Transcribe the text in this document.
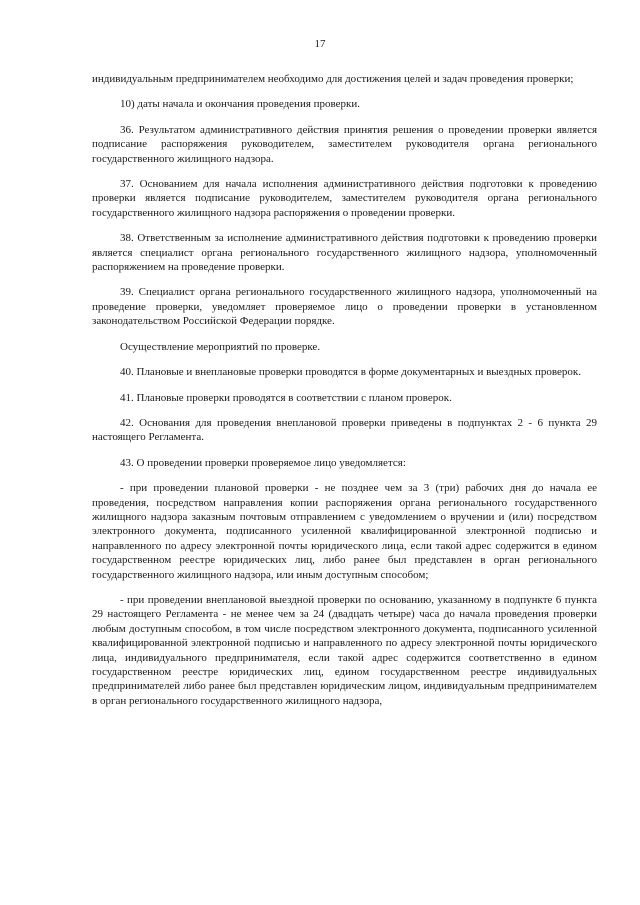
17

индивидуальным предпринимателем необходимо для достижения целей и задач проведения проверки;

10) даты начала и окончания проведения проверки.

36. Результатом административного действия принятия решения о проведении проверки является подписание распоряжения руководителем, заместителем руководителя органа регионального государственного жилищного надзора.

37. Основанием для начала исполнения административного действия подготовки к проведению проверки является подписание руководителем, заместителем руководителя органа регионального государственного жилищного надзора распоряжения о проведении проверки.

38. Ответственным за исполнение административного действия подготовки к проведению проверки является специалист органа регионального государственного жилищного надзора, уполномоченный распоряжением на проведение проверки.

39. Специалист органа регионального государственного жилищного надзора, уполномоченный на проведение проверки, уведомляет проверяемое лицо о проведении проверки в установленном законодательством Российской Федерации порядке.

Осуществление мероприятий по проверке.

40. Плановые и внеплановые проверки проводятся в форме документарных и выездных проверок.

41. Плановые проверки проводятся в соответствии с планом проверок.

42. Основания для проведения внеплановой проверки приведены в подпунктах 2 - 6 пункта 29 настоящего Регламента.

43. О проведении проверки проверяемое лицо уведомляется:

- при проведении плановой проверки - не позднее чем за 3 (три) рабочих дня до начала ее проведения, посредством направления копии распоряжения органа регионального государственного жилищного надзора заказным почтовым отправлением с уведомлением о вручении и (или) посредством электронного документа, подписанного усиленной квалифицированной электронной подписью и направленного по адресу электронной почты юридического лица, если такой адрес содержится в едином государственном реестре юридических лиц, либо ранее был представлен в орган регионального государственного жилищного надзора, или иным доступным способом;

- при проведении внеплановой выездной проверки по основанию, указанному в подпункте 6 пункта 29 настоящего Регламента - не менее чем за 24 (двадцать четыре) часа до начала проведения проверки любым доступным способом, в том числе посредством электронного документа, подписанного усиленной квалифицированной электронной подписью и направленного по адресу электронной почты юридического лица, индивидуального предпринимателя, если такой адрес содержится соответственно в едином государственном реестре юридических лиц, едином государственном реестре индивидуальных предпринимателей либо ранее был представлен юридическим лицом, индивидуальным предпринимателем в орган регионального государственного жилищного надзора,
